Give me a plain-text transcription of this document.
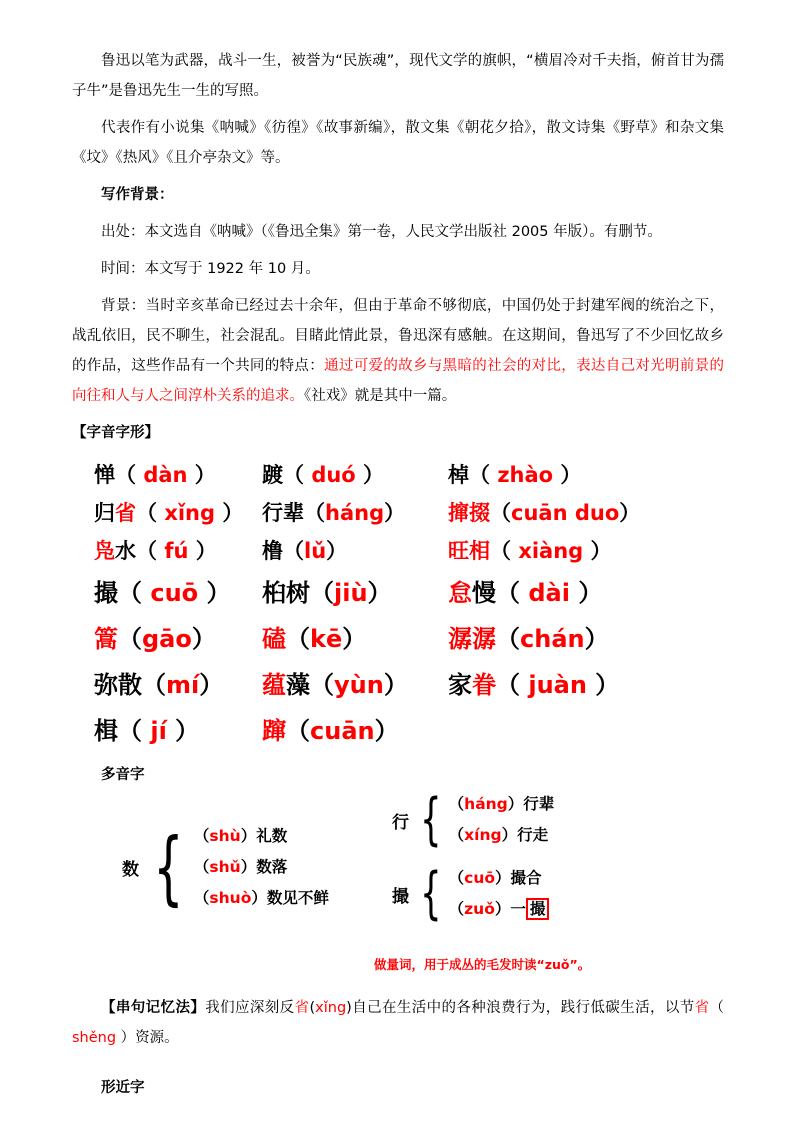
鲁迅以笔为武器，战斗一生，被誉为“民族魂”，现代文学的旗帜，“横眉冷对千夫指，俯首甘为孺子牛”是鲁迅先生一生的写照。

代表作有小说集《呐喊》《彷徨》《故事新编》，散文集《朝花夕拾》，散文诗集《野草》和杂文集《坟》《热风》《且介亭杂文》等。

写作背景：

出处：本文选自《呐喊》（《鲁迅全集》第一卷，人民文学出版社 2005 年版）。有删节。

时间：本文写于 1922 年 10 月。

背景：当时辛亥革命已经过去十余年，但由于革命不够彻底，中国仍处于封建军阀的统治之下，战乱依旧，民不聊生，社会混乱。目睹此情此景，鲁迅深有感触。在这期间，鲁迅写了不少回忆故乡的作品，这些作品有一个共同的特点：通过可爱的故乡与黑暗的社会的对比，表达自己对光明前景的向往和人与人之间淳朴关系的追求。《社戏》就是其中一篇。

【字音字形】
惮（ dàn ）	踱（ duó ）	棹（ zhào ）
归省（ xǐng ） 行辈（háng）	撺掇（cuān duo）
凫水（ fú ）	橹（lǔ）	旺相（ xiàng ）
撮（ cuō ）	桕树（jiù）	怠慢（ dài ）
篙（gāo）	磕（kē）	潺潺（chán）
弥散（mí）	蕴藻（yùn）	家眷（ juàn ）
楫（ jí ）	蹿（cuān）
多音字
数 { （shù）礼数
（shǔ）数落
（shuò）数见不鲜
行 { （háng）行辈
（xíng）行走
撮 { （cuō）撮合
（zuǒ）一 撮
做量词，用于成丛的毛发时读“zuǒ”。

【串句记忆法】我们应深刻反省(xǐng)自己在生活中的各种浪费行为，践行低碳生活，以节省（ shěng ）资源。

形近字
